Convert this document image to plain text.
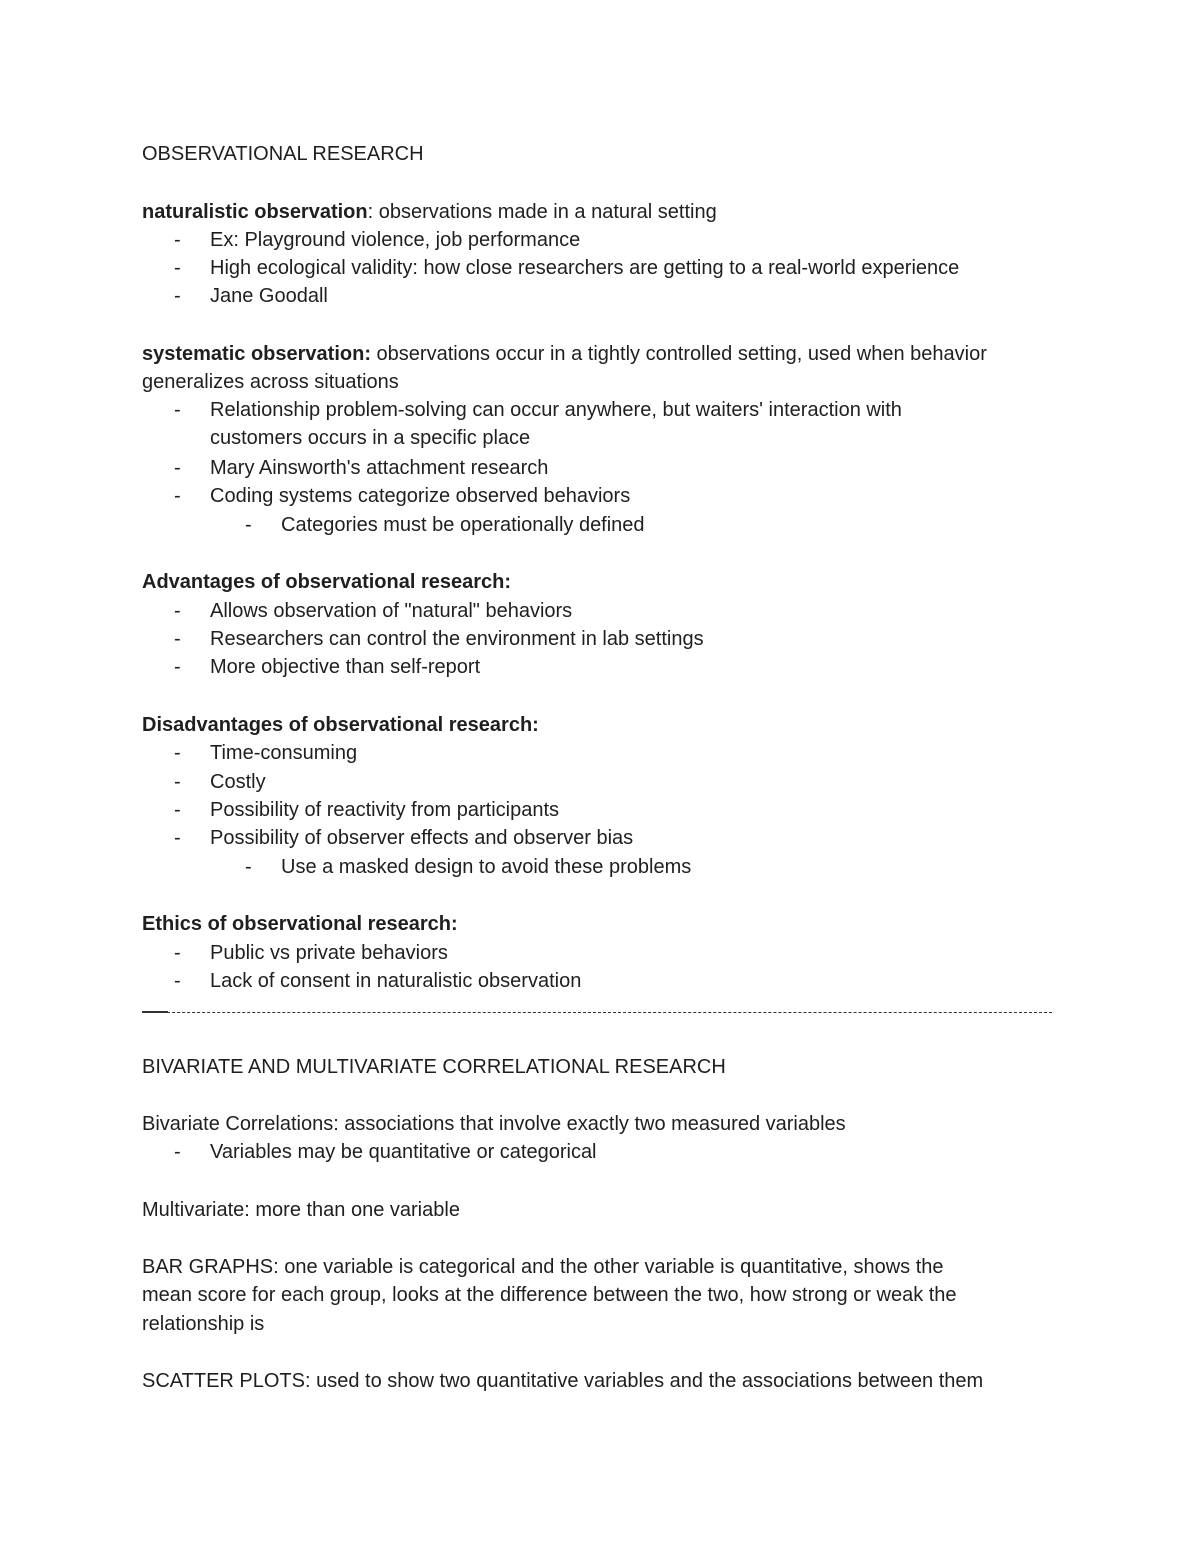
OBSERVATIONAL RESEARCH
naturalistic observation: observations made in a natural setting
- Ex: Playground violence, job performance
- High ecological validity: how close researchers are getting to a real-world experience
- Jane Goodall
systematic observation: observations occur in a tightly controlled setting, used when behavior
generalizes across situations
- Relationship problem-solving can occur anywhere, but waiters' interaction with
customers occurs in a specific place
- Mary Ainsworth's attachment research
- Coding systems categorize observed behaviors
- Categories must be operationally defined
Advantages of observational research:
- Allows observation of "natural" behaviors
- Researchers can control the environment in lab settings
- More objective than self-report
Disadvantages of observational research:
- Time-consuming
- Costly
- Possibility of reactivity from participants
- Possibility of observer effects and observer bias
- Use a masked design to avoid these problems
Ethics of observational research:
- Public vs private behaviors
- Lack of consent in naturalistic observation
BIVARIATE AND MULTIVARIATE CORRELATIONAL RESEARCH
Bivariate Correlations: associations that involve exactly two measured variables
- Variables may be quantitative or categorical
Multivariate: more than one variable
BAR GRAPHS: one variable is categorical and the other variable is quantitative, shows the
mean score for each group, looks at the difference between the two, how strong or weak the
relationship is
SCATTER PLOTS: used to show two quantitative variables and the associations between them
